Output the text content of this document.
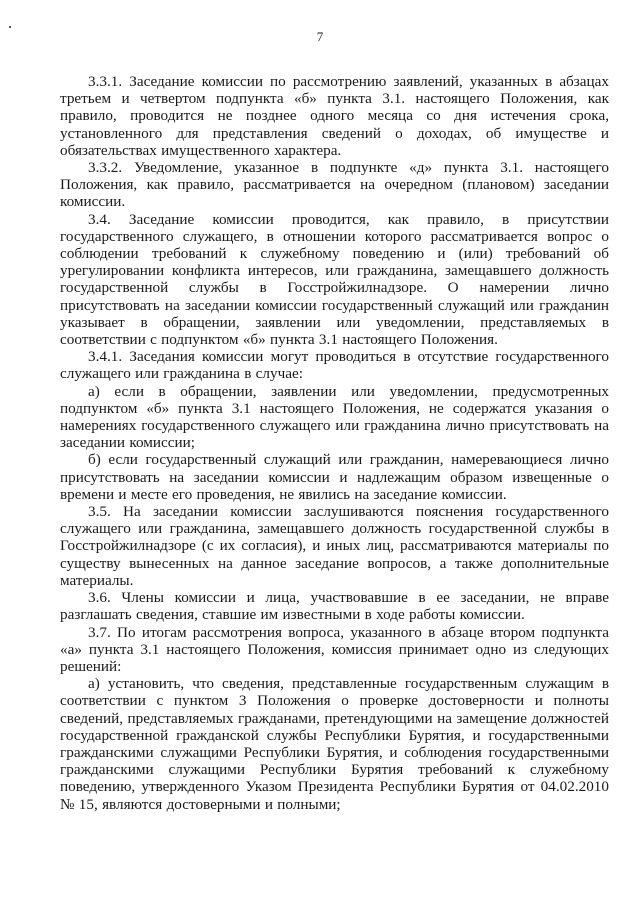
7

3.3.1. Заседание комиссии по рассмотрению заявлений, указанных в абзацах третьем и четвертом подпункта «б» пункта 3.1. настоящего Положения, как правило, проводится не позднее одного месяца со дня истечения срока, установленного для представления сведений о доходах, об имуществе и обязательствах имущественного характера.

3.3.2. Уведомление, указанное в подпункте «д» пункта 3.1. настоящего Положения, как правило, рассматривается на очередном (плановом) заседании комиссии.

3.4. Заседание комиссии проводится, как правило, в присутствии государственного служащего, в отношении которого рассматривается вопрос о соблюдении требований к служебному поведению и (или) требований об урегулировании конфликта интересов, или гражданина, замещавшего должность государственной службы в Госстройжилнадзоре. О намерении лично присутствовать на заседании комиссии государственный служащий или гражданин указывает в обращении, заявлении или уведомлении, представляемых в соответствии с подпунктом «б» пункта 3.1 настоящего Положения.

3.4.1. Заседания комиссии могут проводиться в отсутствие государственного служащего или гражданина в случае:

а) если в обращении, заявлении или уведомлении, предусмотренных подпунктом «б» пункта 3.1 настоящего Положения, не содержатся указания о намерениях государственного служащего или гражданина лично присутствовать на заседании комиссии;

б) если государственный служащий или гражданин, намеревающиеся лично присутствовать на заседании комиссии и надлежащим образом извещенные о времени и месте его проведения, не явились на заседание комиссии.

3.5. На заседании комиссии заслушиваются пояснения государственного служащего или гражданина, замещавшего должность государственной службы в Госстройжилнадзоре (с их согласия), и иных лиц, рассматриваются материалы по существу вынесенных на данное заседание вопросов, а также дополнительные материалы.

3.6. Члены комиссии и лица, участвовавшие в ее заседании, не вправе разглашать сведения, ставшие им известными в ходе работы комиссии.

3.7. По итогам рассмотрения вопроса, указанного в абзаце втором подпункта «а» пункта 3.1 настоящего Положения, комиссия принимает одно из следующих решений:

а) установить, что сведения, представленные государственным служащим в соответствии с пунктом 3 Положения о проверке достоверности и полноты сведений, представляемых гражданами, претендующими на замещение должностей государственной гражданской службы Республики Бурятия, и государственными гражданскими служащими Республики Бурятия, и соблюдения государственными гражданскими служащими Республики Бурятия требований к служебному поведению, утвержденного Указом Президента Республики Бурятия от 04.02.2010 № 15, являются достоверными и полными;
